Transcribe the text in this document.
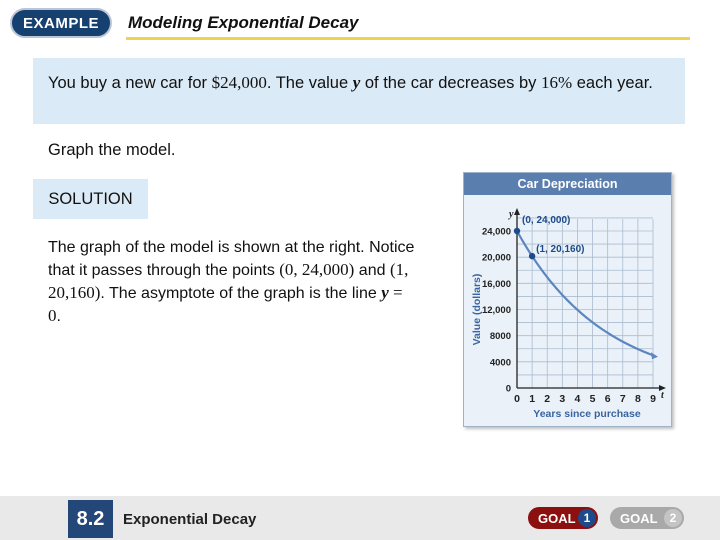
EXAMPLE	Modeling Exponential Decay
You buy a new car for $24,000. The value y of the car decreases by 16% each year.
Graph the model.
SOLUTION
The graph of the model is shown at the right. Notice that it passes through the points (0, 24,000) and (1, 20,160). The asymptote of the graph is the line y = 0.
Car Depreciation
0 1 2 3 4 5 6 7 8 9
0
4000
8000
12,000
16,000
20,000
24,000
y
t
Years since purchase
Value (dollars)
(0, 24,000)
(1, 20,160)
8.2	Exponential Decay	GOAL 1	GOAL	2
